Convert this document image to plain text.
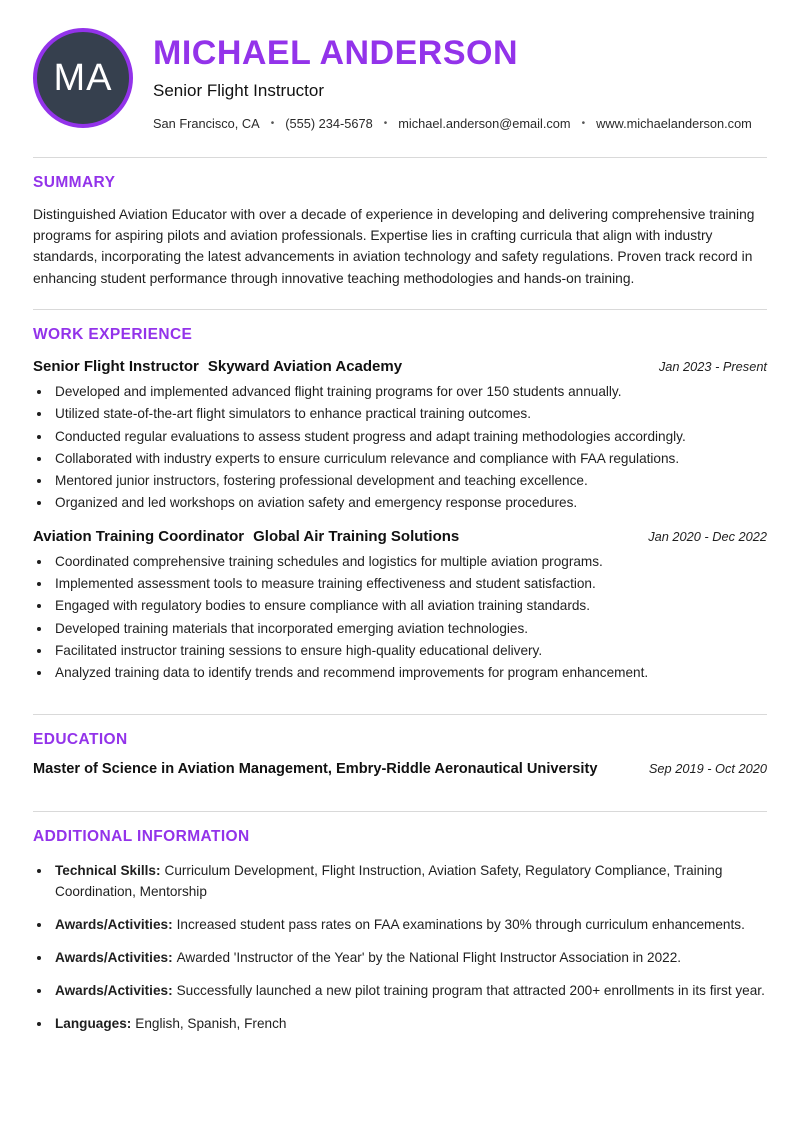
MA
MICHAEL ANDERSON
Senior Flight Instructor
San Francisco, CA • (555) 234-5678 • michael.anderson@email.com • www.michaelanderson.com
SUMMARY

Distinguished Aviation Educator with over a decade of experience in developing and delivering comprehensive training programs for aspiring pilots and aviation professionals. Expertise lies in crafting curricula that align with industry standards, incorporating the latest advancements in aviation technology and safety regulations. Proven track record in enhancing student performance through innovative teaching methodologies and hands-on training.

WORK EXPERIENCE
Senior Flight Instructor Skyward Aviation Academy	Jan 2023 - Present
• Developed and implemented advanced flight training programs for over 150 students annually.
• Utilized state-of-the-art flight simulators to enhance practical training outcomes.
• Conducted regular evaluations to assess student progress and adapt training methodologies accordingly.
• Collaborated with industry experts to ensure curriculum relevance and compliance with FAA regulations.
• Mentored junior instructors, fostering professional development and teaching excellence.
• Organized and led workshops on aviation safety and emergency response procedures.
Aviation Training Coordinator Global Air Training Solutions	Jan 2020 - Dec 2022
• Coordinated comprehensive training schedules and logistics for multiple aviation programs.
• Implemented assessment tools to measure training effectiveness and student satisfaction.
• Engaged with regulatory bodies to ensure compliance with all aviation training standards.
• Developed training materials that incorporated emerging aviation technologies.
• Facilitated instructor training sessions to ensure high-quality educational delivery.
• Analyzed training data to identify trends and recommend improvements for program enhancement.
EDUCATION
Master of Science in Aviation Management, Embry-Riddle Aeronautical University	Sep 2019 - Oct 2020
ADDITIONAL INFORMATION
• Technical Skills: Curriculum Development, Flight Instruction, Aviation Safety, Regulatory Compliance, Training Coordination, Mentorship
• Awards/Activities: Increased student pass rates on FAA examinations by 30% through curriculum enhancements.
• Awards/Activities: Awarded 'Instructor of the Year' by the National Flight Instructor Association in 2022.
• Awards/Activities: Successfully launched a new pilot training program that attracted 200+ enrollments in its first year.
• Languages: English, Spanish, French
